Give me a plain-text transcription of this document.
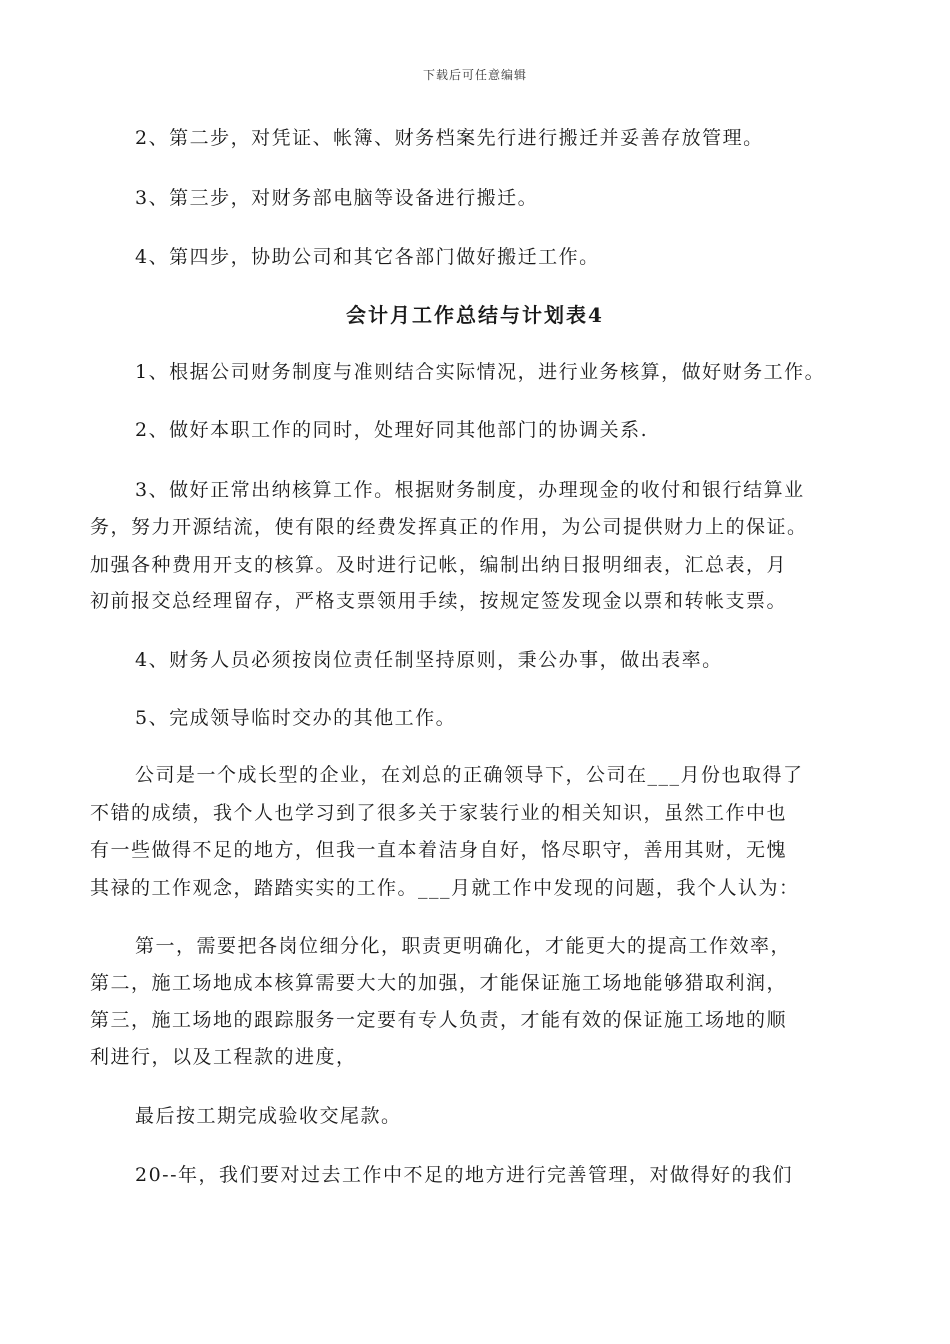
下载后可任意编辑
2、第二步，对凭证、帐簿、财务档案先行进行搬迁并妥善存放管理。
3、第三步，对财务部电脑等设备进行搬迁。
4、第四步，协助公司和其它各部门做好搬迁工作。
会计月工作总结与计划表4
1、根据公司财务制度与准则结合实际情况，进行业务核算，做好财务工作。
2、做好本职工作的同时，处理好同其他部门的协调关系.
3、做好正常出纳核算工作。根据财务制度，办理现金的收付和银行结算业
务，努力开源结流，使有限的经费发挥真正的作用，为公司提供财力上的保证。
加强各种费用开支的核算。及时进行记帐，编制出纳日报明细表，汇总表，月
初前报交总经理留存，严格支票领用手续，按规定签发现金以票和转帐支票。
4、财务人员必须按岗位责任制坚持原则，秉公办事，做出表率。
5、完成领导临时交办的其他工作。
公司是一个成长型的企业，在刘总的正确领导下，公司在___月份也取得了
不错的成绩，我个人也学习到了很多关于家装行业的相关知识，虽然工作中也
有一些做得不足的地方，但我一直本着洁身自好，恪尽职守，善用其财，无愧
其禄的工作观念，踏踏实实的工作。___月就工作中发现的问题，我个人认为：
第一，需要把各岗位细分化，职责更明确化，才能更大的提高工作效率，
第二，施工场地成本核算需要大大的加强，才能保证施工场地能够猎取利润，
第三，施工场地的跟踪服务一定要有专人负责，才能有效的保证施工场地的顺
利进行，以及工程款的进度，
最后按工期完成验收交尾款。
20--年，我们要对过去工作中不足的地方进行完善管理，对做得好的我们
